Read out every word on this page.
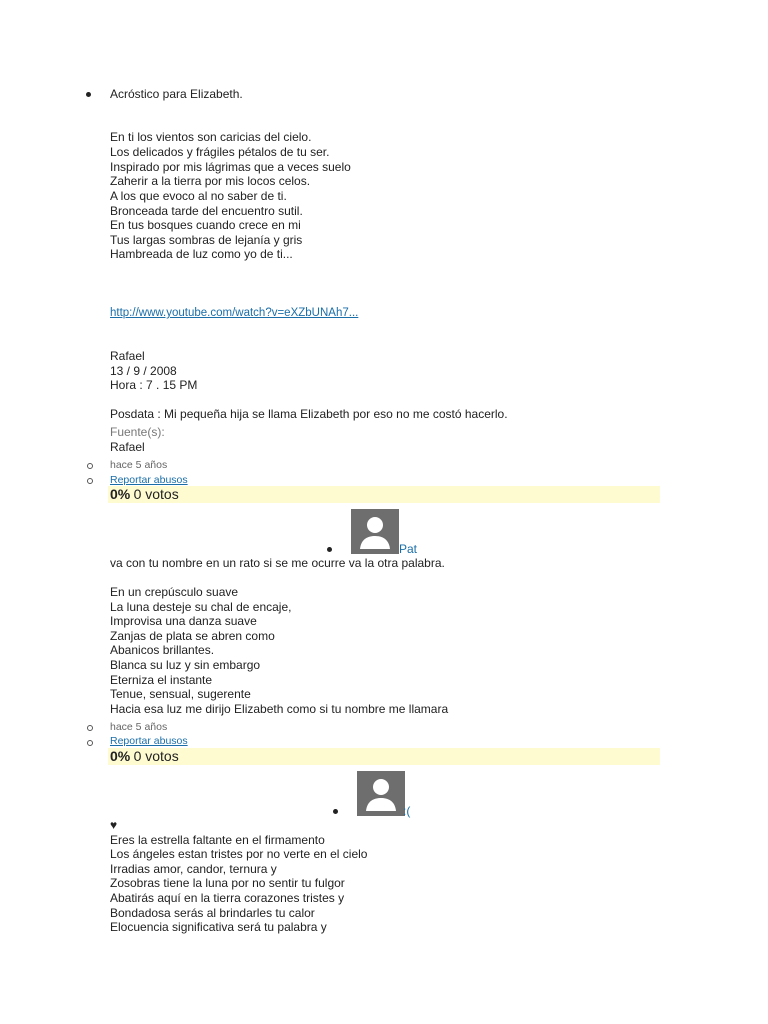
Acróstico para Elizabeth.
En ti los vientos son caricias del cielo.
Los delicados y frágiles pétalos de tu ser.
Inspirado por mis lágrimas que a veces suelo
Zaherir a la tierra por mis locos celos.
A los que evoco al no saber de ti.
Bronceada tarde del encuentro sutil.
En tus bosques cuando crece en mi
Tus largas sombras de lejanía y gris
Hambreada de luz como yo de ti...
http://www.youtube.com/watch?v=eXZbUNAh7...
Rafael
13 / 9 / 2008
Hora : 7 . 15 PM
Posdata : Mi pequeña hija se llama Elizabeth por eso no me costó hacerlo.
Fuente(s):
Rafael
hace 5 años
Reportar abusos
0% 0 votos
Pat
va con tu nombre en un rato si se me ocurre va la otra palabra.
En un crepúsculo suave
La luna desteje su chal de encaje,
Improvisa una danza suave
Zanjas de plata se abren como
Abanicos brillantes.
Blanca su luz y sin embargo
Eterniza el instante
Tenue, sensual, sugerente
Hacia esa luz me dirijo Elizabeth como si tu nombre me llamara
hace 5 años
Reportar abusos
0% 0 votos
:(
♥
Eres la estrella faltante en el firmamento
Los ángeles estan tristes por no verte en el cielo
Irradias amor, candor, ternura y
Zosobras tiene la luna por no sentir tu fulgor
Abatirás aquí en la tierra corazones tristes y
Bondadosa serás al brindarles tu calor
Elocuencia significativa será tu palabra y
